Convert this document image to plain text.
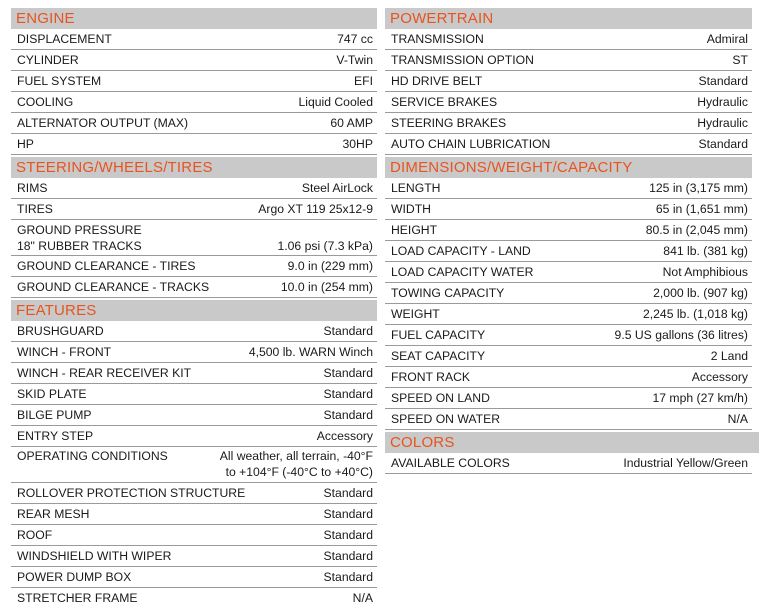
ENGINE
DISPLACEMENT	747 cc
CYLINDER	V-Twin
FUEL SYSTEM	EFI
COOLING	Liquid Cooled
ALTERNATOR OUTPUT (MAX)	60 AMP
HP	30HP
STEERING/WHEELS/TIRES
RIMS	Steel AirLock
TIRES	Argo XT 119 25x12-9
GROUND PRESSURE
18" RUBBER TRACKS	1.06 psi (7.3 kPa)
GROUND CLEARANCE - TIRES	9.0 in (229 mm)
GROUND CLEARANCE - TRACKS	10.0 in (254 mm)
FEATURES
BRUSHGUARD	Standard
WINCH - FRONT	4,500 lb. WARN Winch
WINCH - REAR RECEIVER KIT	Standard
SKID PLATE	Standard
BILGE PUMP	Standard
ENTRY STEP	Accessory
OPERATING CONDITIONS	All weather, all terrain, -40°F
to +104°F (-40°C to +40°C)
ROLLOVER PROTECTION STRUCTURE	Standard
REAR MESH	Standard
ROOF	Standard
WINDSHIELD WITH WIPER	Standard
POWER DUMP BOX	Standard
STRETCHER FRAME	N/A
POWERTRAIN
TRANSMISSION	Admiral
TRANSMISSION OPTION	ST
HD DRIVE BELT	Standard
SERVICE BRAKES	Hydraulic
STEERING BRAKES	Hydraulic
AUTO CHAIN LUBRICATION	Standard
DIMENSIONS/WEIGHT/CAPACITY
LENGTH	125 in (3,175 mm)
WIDTH	65 in (1,651 mm)
HEIGHT	80.5 in (2,045 mm)
LOAD CAPACITY - LAND	841 lb. (381 kg)
LOAD CAPACITY WATER	Not Amphibious
TOWING CAPACITY	2,000 lb. (907 kg)
WEIGHT	2,245 lb. (1,018 kg)
FUEL CAPACITY	9.5 US gallons (36 litres)
SEAT CAPACITY	2 Land
FRONT RACK	Accessory
SPEED ON LAND	17 mph (27 km/h)
SPEED ON WATER	N/A
COLORS
AVAILABLE COLORS	Industrial Yellow/Green
